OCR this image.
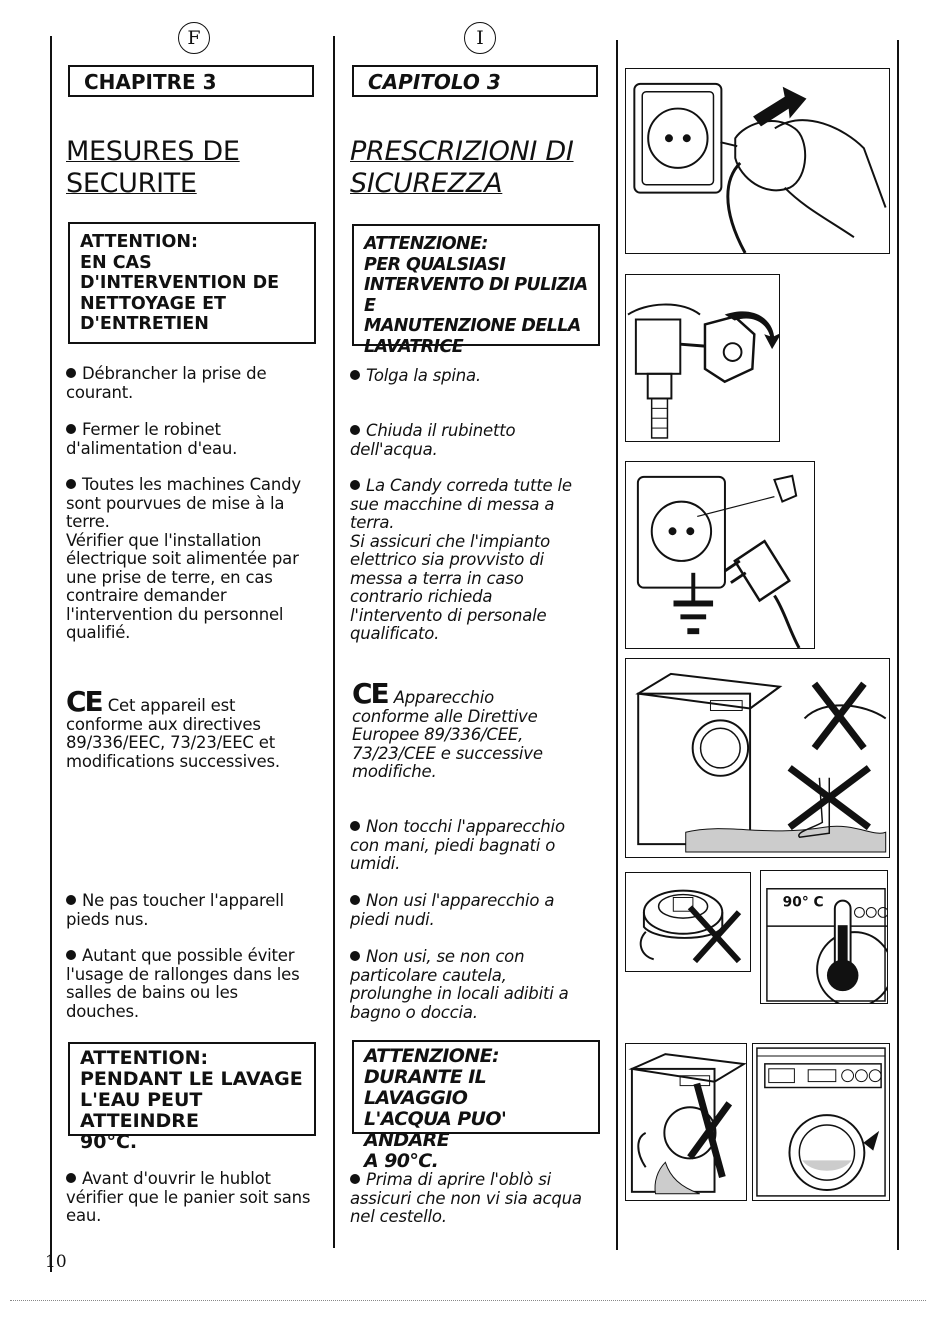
F
CHAPITRE 3
MESURES DE
SECURITE
ATTENTION:
EN CAS
D'INTERVENTION DE
NETTOYAGE ET
D'ENTRETIEN
Débrancher la prise de
courant.
Fermer le robinet
d'alimentation d'eau.
Toutes les machines Candy
sont pourvues de mise à la
terre.
Vérifier que l'installation
électrique soit alimentée par
une prise de terre, en cas
contraire demander
l'intervention du personnel
qualifié.
CE Cet appareil est
conforme aux directives
89/336/EEC, 73/23/EEC et
modifications successives.
Ne pas toucher l'apparell
pieds nus.
Autant que possible éviter
l'usage de rallonges dans les
salles de bains ou les
douches.
ATTENTION:
PENDANT LE LAVAGE
L'EAU PEUT ATTEINDRE
90°C.
Avant d'ouvrir le hublot
vérifier que le panier soit sans
eau.
10
I
CAPITOLO 3
PRESCRIZIONI DI
SICUREZZA
ATTENZIONE:
PER QUALSIASI
INTERVENTO DI PULIZIA E
MANUTENZIONE DELLA
LAVATRICE
Tolga la spina.
Chiuda il rubinetto
dell'acqua.
La Candy correda tutte le
sue macchine di messa a
terra.
Si assicuri che l'impianto
elettrico sia provvisto di
messa a terra in caso
contrario richieda
l'intervento di personale
qualificato.
CE Apparecchio
conforme alle Direttive
Europee 89/336/CEE,
73/23/CEE e successive
modifiche.
Non tocchi l'apparecchio
con mani, piedi bagnati o
umidi.
Non usi l'apparecchio a
piedi nudi.
Non usi, se non con
particolare cautela,
prolunghe in locali adibiti a
bagno o doccia.
ATTENZIONE:
DURANTE IL LAVAGGIO
L'ACQUA PUO' ANDARE
A 90°C.
Prima di aprire l'oblò si
assicuri che non vi sia acqua
nel cestello.
90° C
